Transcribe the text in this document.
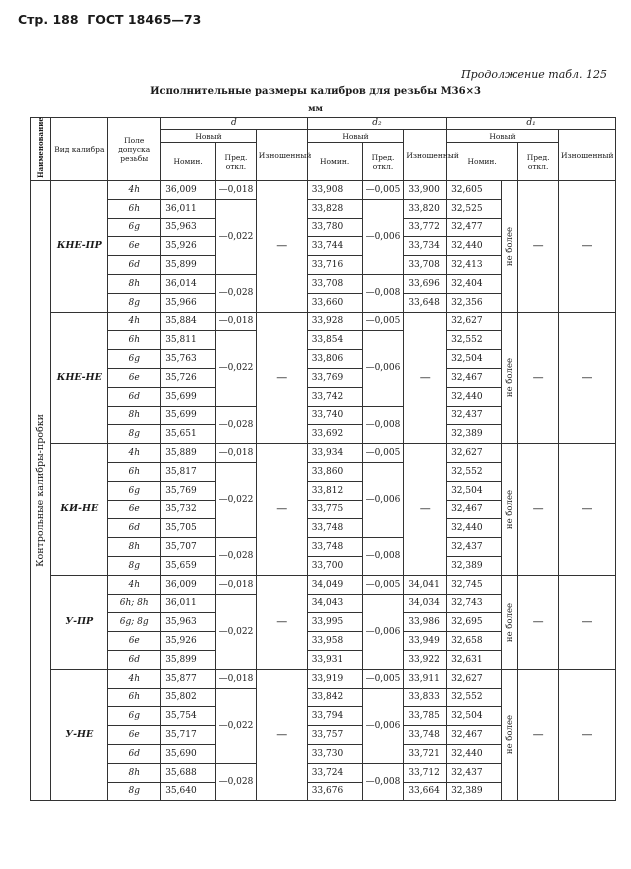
Стр. 188 ГОСТ 18465—73
Продолжение табл. 125
Исполнительные размеры калибров для резьбы М36×3
мм
Наименование	Вид калибра	Поле допуска резьбы	d			d₂			d₁			
			Новый		Изношенный	Новый		Изношенный	Новый			Изношенный
			Номин.	Пред. откл.		Номин.	Пред. откл.		Номин.		Пред. откл.	

Контрольные калибры-пробки	КНЕ-ПР	4h	36,009	—0,018	—	33,908	—0,005	33,900	32,605	не более	—	—
		6h	36,011	—0,022		33,828	—0,006	33,820	32,525			
		6g	35,963			33,780		33,772	32,477			
		6e	35,926			33,744		33,734	32,440			
		6d	35,899			33,716		33,708	32,413			
		8h	36,014	—0,028		33,708	—0,008	33,696	32,404			
		8g	35,966			33,660		33,648	32,356			
	КНЕ-НЕ	4h	35,884	—0,018	—	33,928	—0,005	—	32,627	не более	—	—
		6h	35,811	—0,022		33,854	—0,006		32,552			
		6g	35,763			33,806			32,504			
		6e	35,726			33,769			32,467			
		6d	35,699			33,742			32,440			
		8h	35,699	—0,028		33,740	—0,008		32,437			
		8g	35,651			33,692			32,389			
	КИ-НЕ	4h	35,889	—0,018	—	33,934	—0,005	—	32,627	не более	—	—
		6h	35,817	—0,022		33,860	—0,006		32,552			
		6g	35,769			33,812			32,504			
		6e	35,732			33,775			32,467			
		6d	35,705			33,748			32,440			
		8h	35,707	—0,028		33,748	—0,008		32,437			
		8g	35,659			33,700			32,389			
	У-ПР	4h	36,009	—0,018	—	34,049	—0,005	34,041	32,745	не более	—	—
		6h; 8h	36,011	—0,022		34,043	—0,006	34,034	32,743			
		6g; 8g	35,963			33,995		33,986	32,695			
		6e	35,926			33,958		33,949	32,658			
		6d	35,899			33,931		33,922	32,631			
	У-НЕ	4h	35,877	—0,018	—	33,919	—0,005	33,911	32,627	не более	—	—
		6h	35,802	—0,022		33,842	—0,006	33,833	32,552			
		6g	35,754			33,794		33,785	32,504			
		6e	35,717			33,757		33,748	32,467			
		6d	35,690			33,730		33,721	32,440			
		8h	35,688	—0,028		33,724	—0,008	33,712	32,437			
		8g	35,640			33,676		33,664	32,389			
